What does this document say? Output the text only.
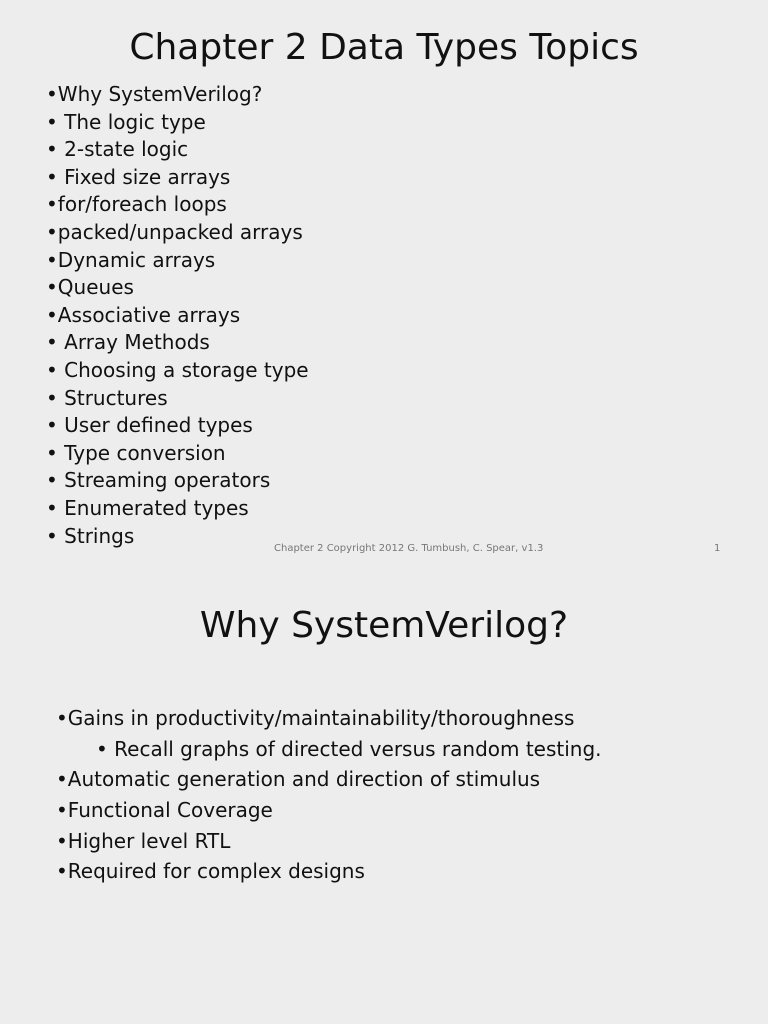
Chapter 2 Data Types Topics
•Why SystemVerilog?
• The logic type
• 2-state logic
• Fixed size arrays
•for/foreach loops
•packed/unpacked arrays
•Dynamic arrays
•Queues
•Associative arrays
• Array Methods
• Choosing a storage type
• Structures
• User defined types
• Type conversion
• Streaming operators
• Enumerated types
• Strings
Chapter 2 Copyright 2012 G. Tumbush, C. Spear, v1.3	1
Why SystemVerilog?
•Gains in productivity/maintainability/thoroughness
• Recall graphs of directed versus random testing.
•Automatic generation and direction of stimulus
•Functional Coverage
•Higher level RTL
•Required for complex designs
